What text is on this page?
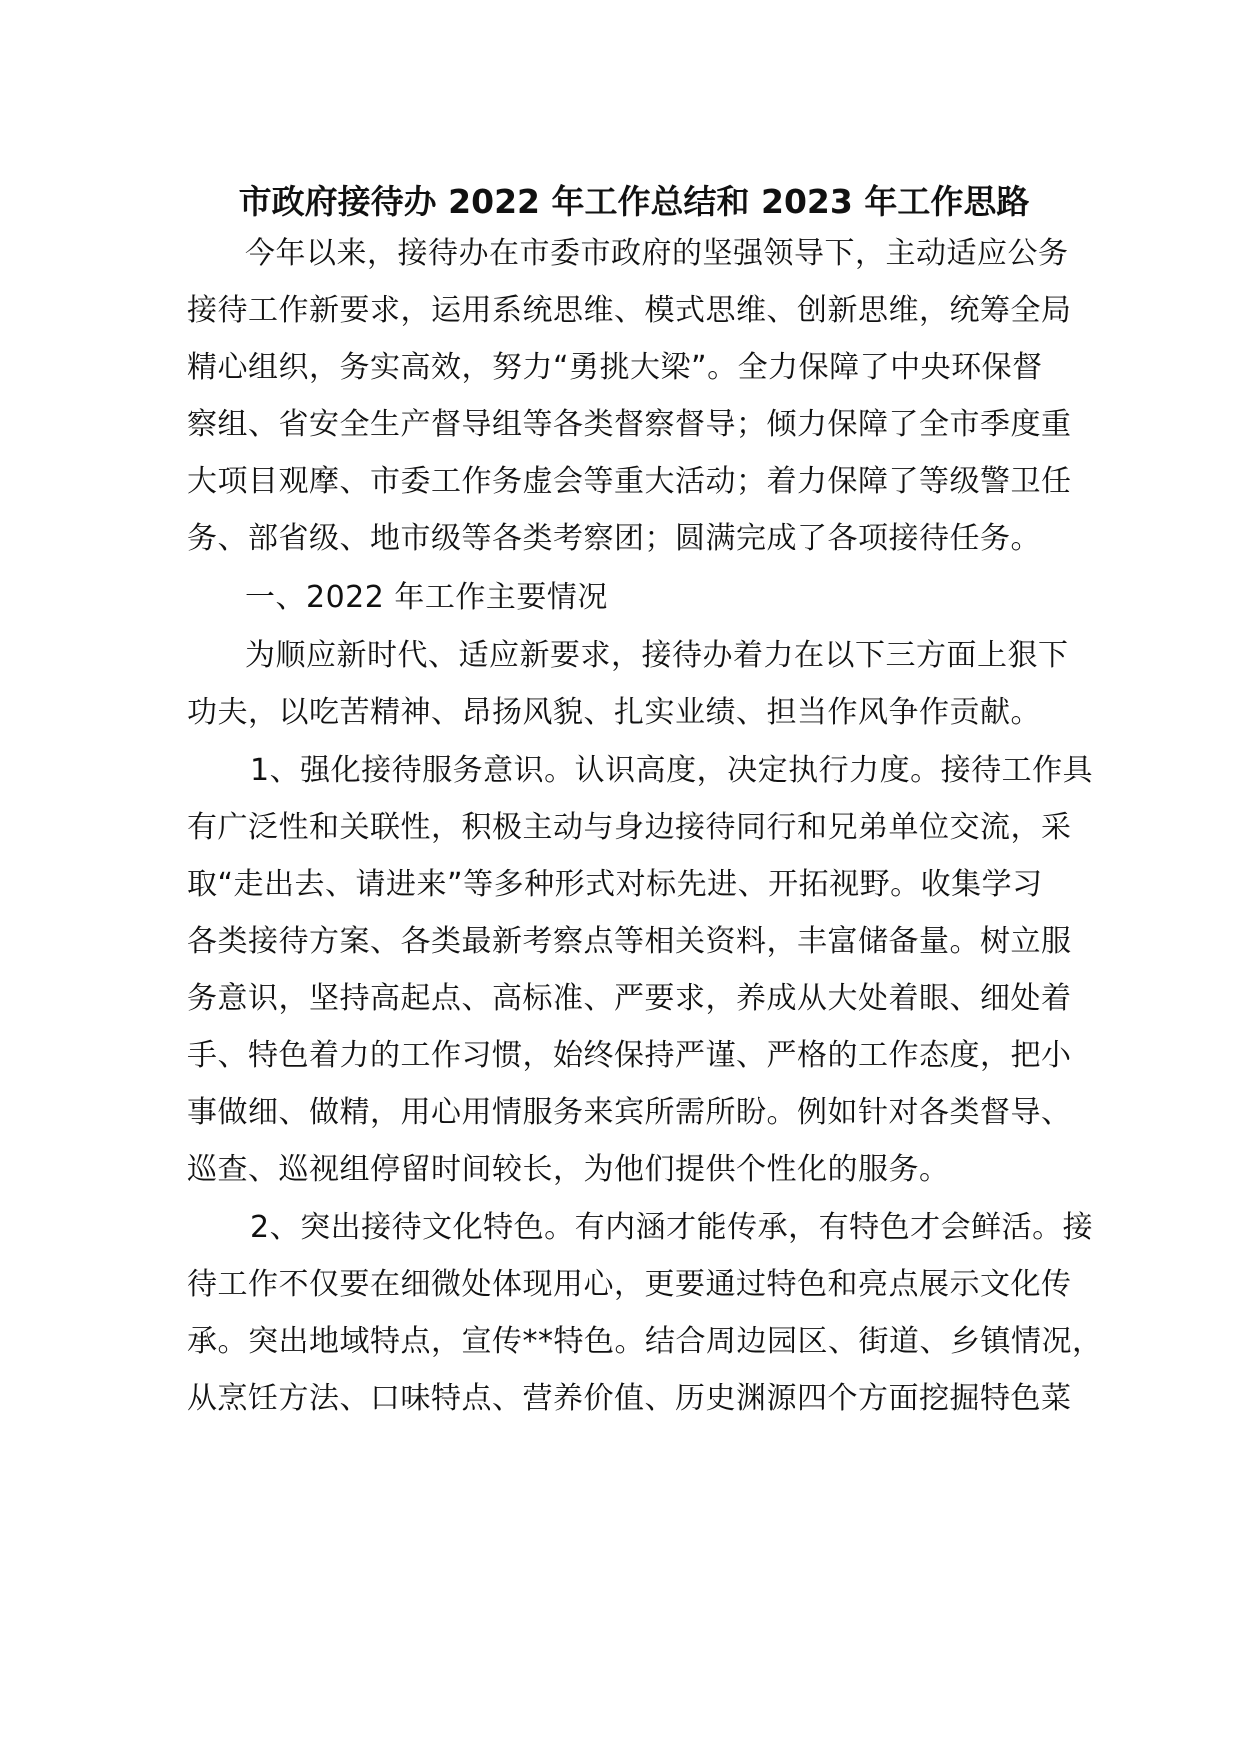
市政府接待办 2022 年工作总结和 2023 年工作思路
今年以来，接待办在市委市政府的坚强领导下，主动适应公务
接待工作新要求，运用系统思维、模式思维、创新思维，统筹全局
精心组织，务实高效，努力“勇挑大梁”。全力保障了中央环保督
察组、省安全生产督导组等各类督察督导；倾力保障了全市季度重
大项目观摩、市委工作务虚会等重大活动；着力保障了等级警卫任
务、部省级、地市级等各类考察团；圆满完成了各项接待任务。
一、2022 年工作主要情况
为顺应新时代、适应新要求，接待办着力在以下三方面上狠下
功夫，以吃苦精神、昂扬风貌、扎实业绩、担当作风争作贡献。
1、强化接待服务意识。认识高度，决定执行力度。接待工作具
有广泛性和关联性，积极主动与身边接待同行和兄弟单位交流，采
取“走出去、请进来”等多种形式对标先进、开拓视野。收集学习
各类接待方案、各类最新考察点等相关资料，丰富储备量。树立服
务意识，坚持高起点、高标准、严要求，养成从大处着眼、细处着
手、特色着力的工作习惯，始终保持严谨、严格的工作态度，把小
事做细、做精，用心用情服务来宾所需所盼。例如针对各类督导、
巡查、巡视组停留时间较长，为他们提供个性化的服务。
2、突出接待文化特色。有内涵才能传承，有特色才会鲜活。接
待工作不仅要在细微处体现用心，更要通过特色和亮点展示文化传
承。突出地域特点，宣传**特色。结合周边园区、街道、乡镇情况，
从烹饪方法、口味特点、营养价值、历史渊源四个方面挖掘特色菜
